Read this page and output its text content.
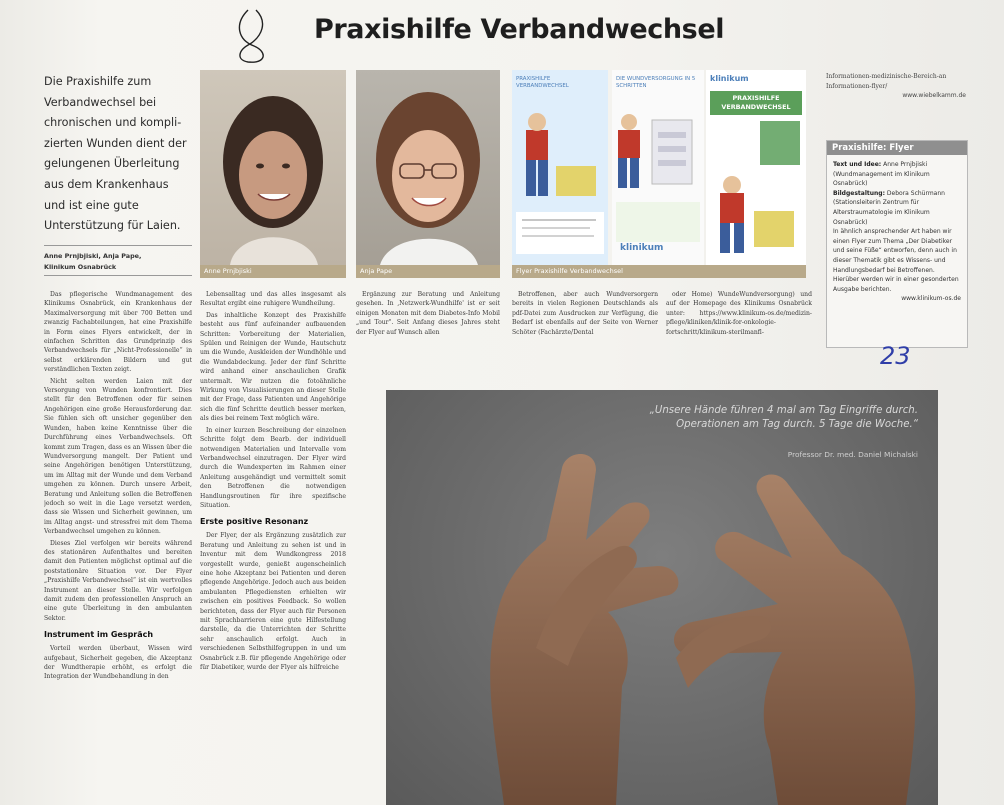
Praxishilfe Verbandwechsel
Die Praxishilfe zum Verbandwechsel bei chronischen und kompli-zierten Wunden dient der gelungenen Überleitung aus dem Krankenhaus und ist eine gute Unterstützung für Laien.
Anne Prnjbjiski, Anja Pape,
Klinikum Osnabrück	Anne Prnjbjiski	Anja Pape
PRAXISHILFE VERBANDWECHSEL
DIE WUNDVERSORGUNG IN 5 SCHRITTEN
klinikum
klinikum
PRAXISHILFE VERBANDWECHSEL
Flyer Praxishilfe Verbandwechsel

Das pflegerische Wundmanagement des Klinikums Osnabrück, ein Krankenhaus der Maximalversorgung mit über 700 Betten und zwanzig Fachabteilungen, hat eine Praxishilfe in Form eines Flyers entwickelt, der in einfachen Schritten das Grundprinzip des Verbandwechsels für „Nicht-Professionelle“ in selbst erklärenden Bildern und gut verständlichen Texten zeigt.

Nicht selten werden Laien mit der Versorgung von Wunden konfrontiert. Dies stellt für den Betroffenen oder für seinen Angehörigen eine große Herausforderung dar. Sie fühlen sich oft unsicher gegenüber den Wunden, haben keine Kenntnisse über die Durchführung eines Verbandwechsels. Oft kommt zum Tragen, dass es an Wissen über die Wundversorgung mangelt. Der Patient und seine Angehörigen benötigen Unterstützung, um im Alltag mit der Wunde und dem Verband umgehen zu können. Durch unsere Arbeit, Beratung und Anleitung sollen die Betroffenen jedoch so weit in die Lage versetzt werden, dass sie Wissen und Sicherheit gewinnen, um im Alltag angst- und stressfrei mit dem Thema Verbandwechsel umgehen zu können.

Dieses Ziel verfolgen wir bereits während des stationären Aufenthaltes und bereiten damit den Patienten möglichst optimal auf die poststationäre Situation vor. Der Flyer „Praxishilfe Verbandwechsel“ ist ein wertvolles Instrument an dieser Stelle. Wir verfolgen damit zudem den professionellen Anspruch an eine gute Überleitung in den ambulanten Sektor.

Instrument im Gespräch

Vorteil werden überbaut, Wissen wird aufgebaut, Sicherheit gegeben, die Akzeptanz der Wundtherapie erhöht, es erfolgt die Integration der Wundbehandlung in den

Lebensalltag und das alles insgesamt als Resultat ergibt eine ruhigere Wundheilung.

Das inhaltliche Konzept des Praxishilfe besteht aus fünf aufeinander aufbauenden Schritten: Vorbereitung der Materialien, Spülen und Reinigen der Wunde, Hautschutz um die Wunde, Auskleiden der Wundhöhle und die Wundabdeckung. Jeder der fünf Schritte wird anhand einer anschaulichen Grafik untermalt. Wir nutzen die fotoähnliche Wirkung von Visualisierungen an dieser Stelle mit der Frage, dass Patienten und Angehörige sich die fünf Schritte deutlich besser merken, als dies bei reinem Text möglich wäre.

In einer kurzen Beschreibung der einzelnen Schritte folgt dem Bearb. der individuell notwendigen Materialien und Intervalle vom Verbandwechsel einzutragen. Der Flyer wird durch die Wundexperten im Rahmen einer Anleitung ausgehändigt und vermittelt somit den Betroffenen die notwendigen Handlungsroutinen für ihre spezifische Situation.

Erste positive Resonanz

Der Flyer, der als Ergänzung zusätzlich zur Beratung und Anleitung zu sehen ist und in Inventur mit dem Wundkongress 2018 vorgestellt wurde, genießt augenscheinlich eine hohe Akzeptanz bei Patienten und deren pflegende Angehörige. Jedoch auch aus beiden ambulanten Pflegediensten erhielten wir zwischen ein positives Feedback. So wollen berichteten, dass der Flyer auch für Personen mit Sprachbarrieren eine gute Hilfestellung darstelle, da die Unterrichten der Schritte sehr anschaulich erfolgt. Auch in verschiedenen Selbsthilfegruppen in und um Osnabrück z.B. für pflegende Angehörige oder für Diabetiker, wurde der Flyer als hilfreiche

Ergänzung zur Beratung und Anleitung gesehen. In ‚Netzwerk-Wundhilfe' ist er seit einigen Monaten mit dem Diabetes-Info Mobil „und Tour". Seit Anfang dieses Jahres steht der Flyer auf Wunsch allen

Betroffenen, aber auch Wundversorgern bereits in vielen Regionen Deutschlands als pdf-Datei zum Ausdrucken zur Verfügung, die Bedarf ist ebenfalls auf der Seite von Werner Schöter (Fachärzte/Dental

oder Home) WundeWundversorgung) und auf der Homepage des Klinikums Osnabrück unter: https://www.klinikum-os.de/medizin-pflege/kliniken/klinik-for-onkologie-fortschritt/klinikum-sterilmanfl-

Informationen-medizinische-Bereich-an
Informationen-flyer/
www.wiebelkamm.de
Praxishilfe: Flyer
Text und Idee: Anne Prnjbjiski (Wundmanagement im Klinikum Osnabrück)
Bildgestaltung: Debora Schürmann (Stationsleiterin Zentrum für Alterstraumatologie im Klinikum Osnabrück)
In ähnlich ansprechender Art haben wir einen Flyer zum Thema „Der Diabetiker und seine Füße“ entworfen, denn auch in dieser Thematik gibt es Wissens- und Handlungsbedarf bei Betroffenen. Hierüber werden wir in einer gesonderten Ausgabe berichten.
www.klinikum-os.de
23
„Unsere Hände führen 4 mal am Tag Eingriffe durch. Operationen am Tag durch. 5 Tage die Woche.“
Professor Dr. med. Daniel Michalski
